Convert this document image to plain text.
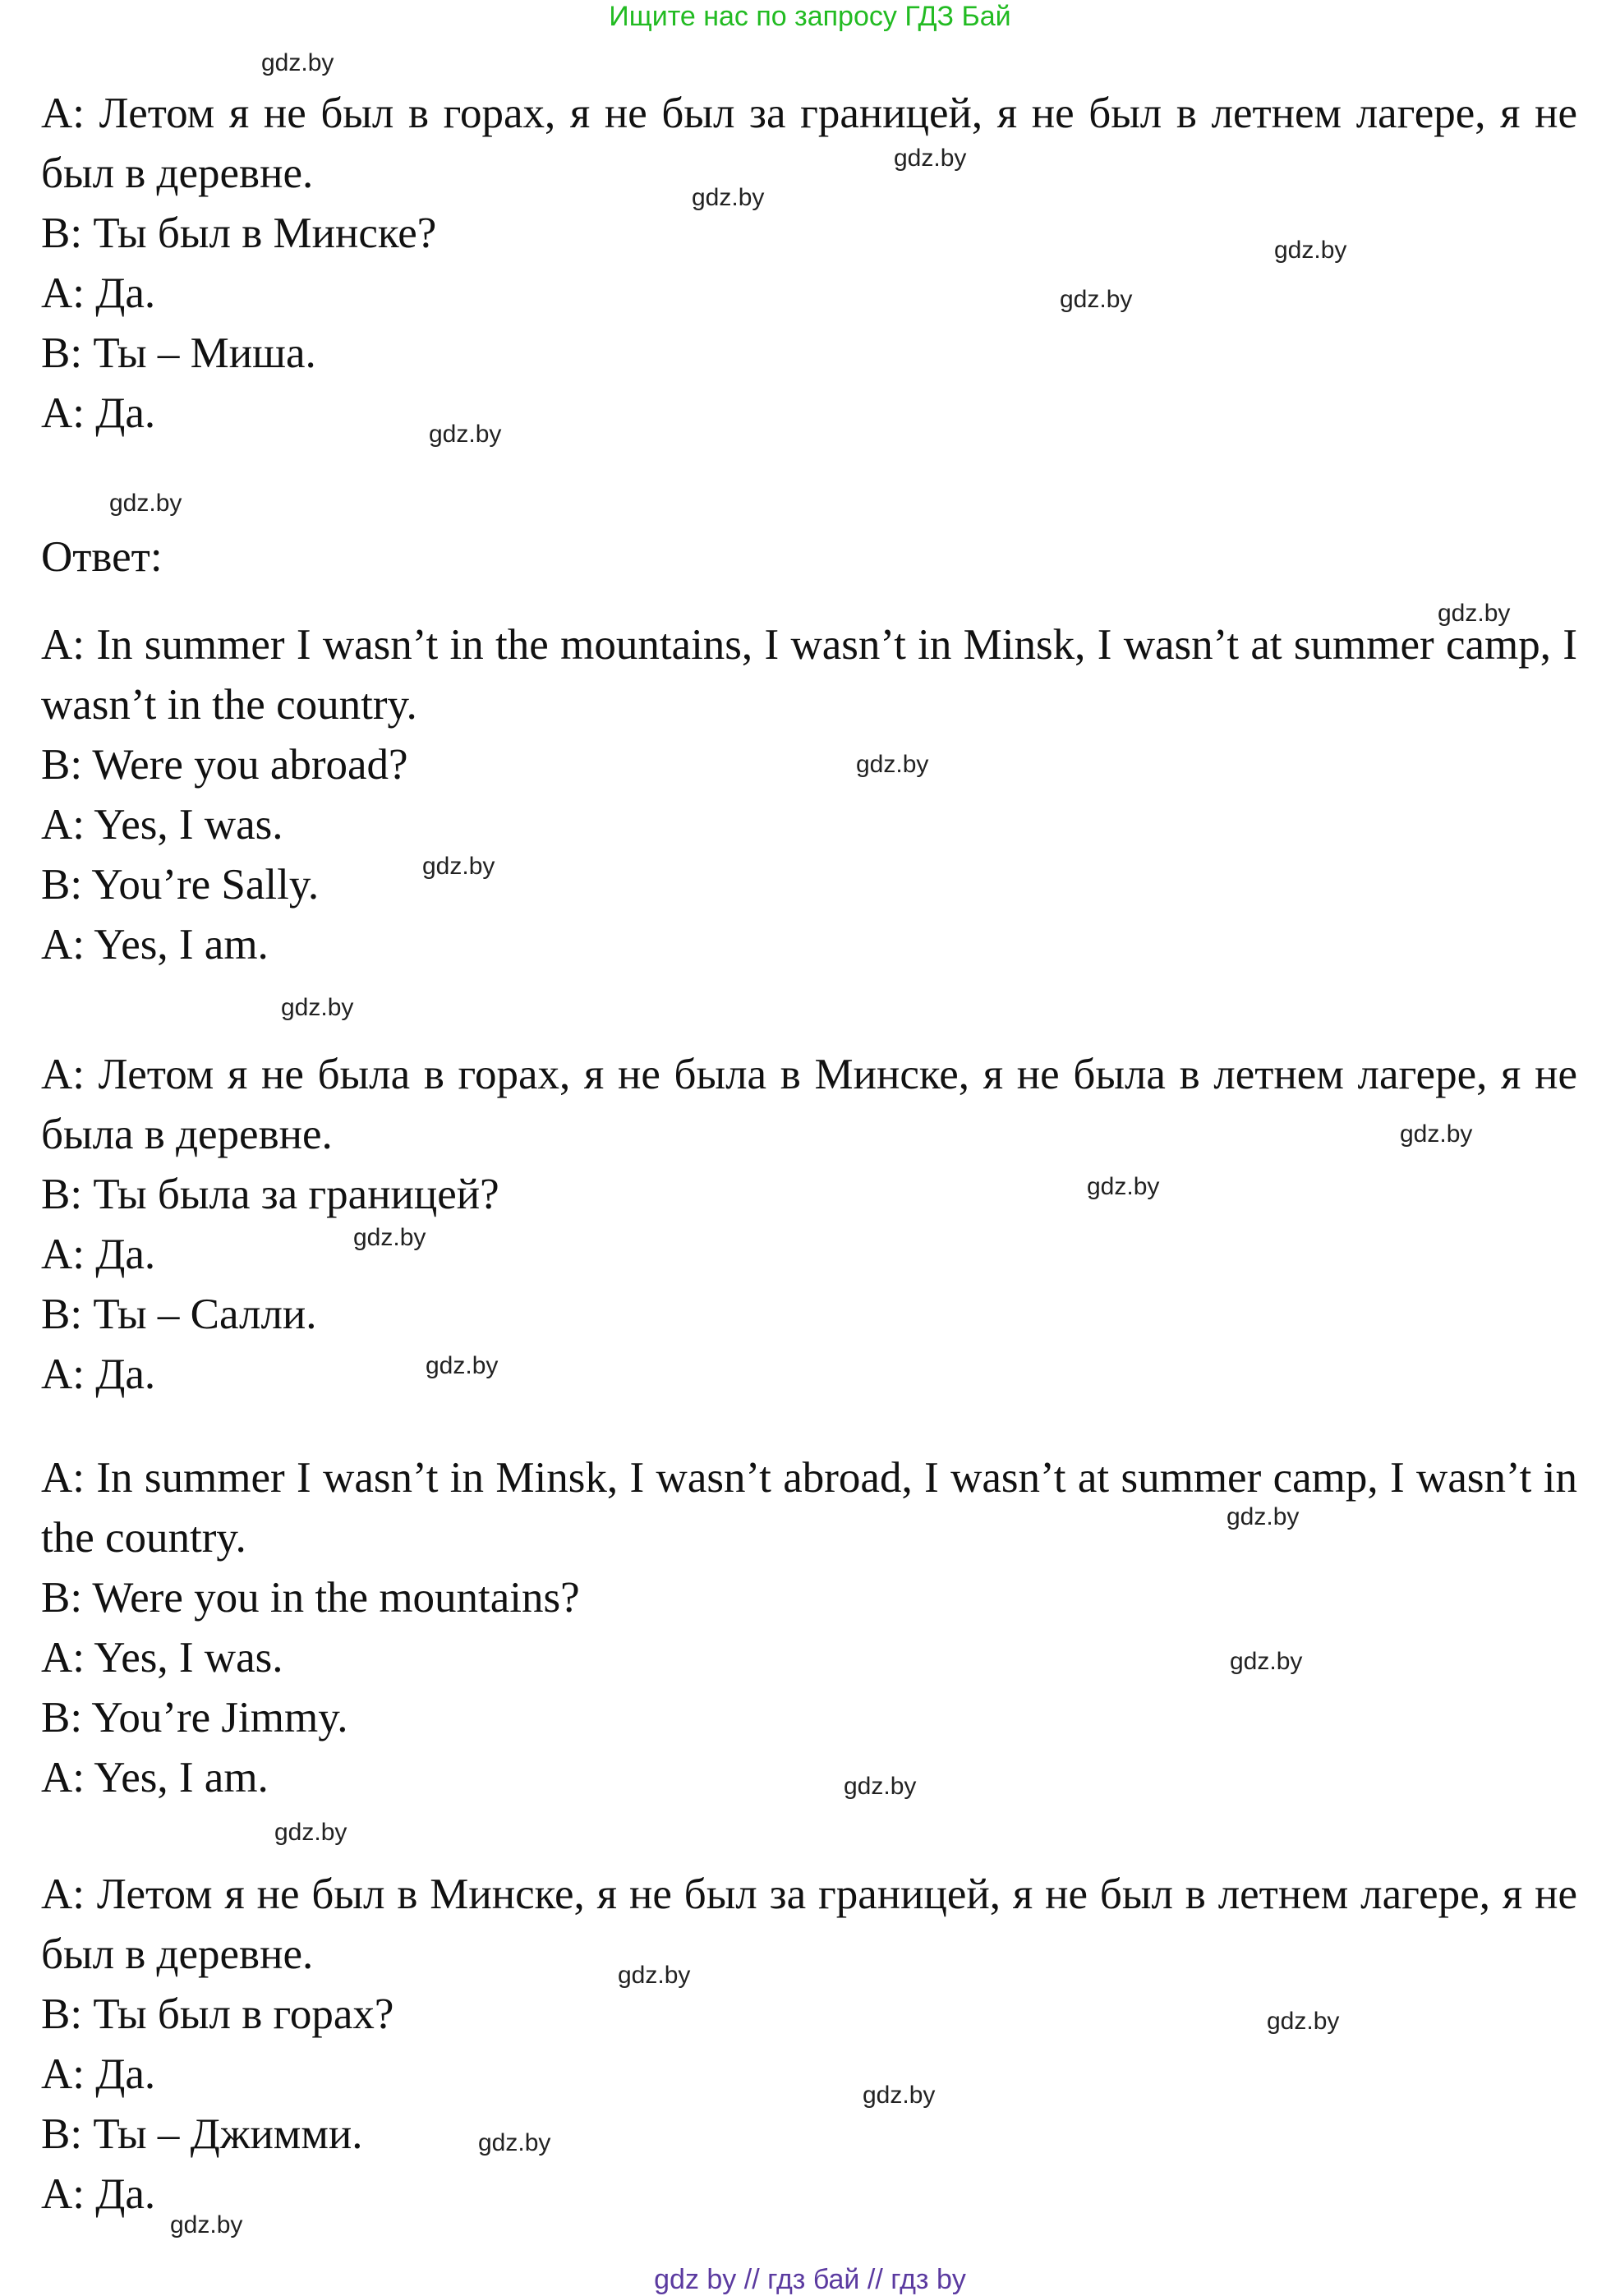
Ищите нас по запросу ГДЗ Бай
A: Летом я не был в горах, я не был за границей, я не был в летнем лагере, я не был в деревне.
B: Ты был в Минске?
A: Да.
B: Ты – Миша.
A: Да.
Ответ:
A: In summer I wasn’t in the mountains, I wasn’t in Minsk, I wasn’t at summer camp, I wasn’t in the country.
B: Were you abroad?
A: Yes, I was.
B: You’re Sally.
A: Yes, I am.
A: Летом я не была в горах, я не была в Минске, я не была в летнем лагере, я не была в деревне.
B: Ты была за границей?
A: Да.
B: Ты – Салли.
A: Да.
A: In summer I wasn’t in Minsk, I wasn’t abroad, I wasn’t at summer camp, I wasn’t in the country.
B: Were you in the mountains?
A: Yes, I was.
B: You’re Jimmy.
A: Yes, I am.
A: Летом я не был в Минске, я не был за границей, я не был в летнем лагере, я не был в деревне.
B: Ты был в горах?
A: Да.
B: Ты – Джимми.
A: Да.
gdz.by
gdz.by
gdz.by
gdz.by
gdz.by
gdz.by
gdz.by
gdz.by
gdz.by
gdz.by
gdz.by
gdz.by
gdz.by
gdz.by
gdz.by
gdz.by
gdz.by
gdz.by
gdz.by
gdz.by
gdz.by
gdz.by
gdz.by
gdz.by
gdz by // гдз бай // гдз by
